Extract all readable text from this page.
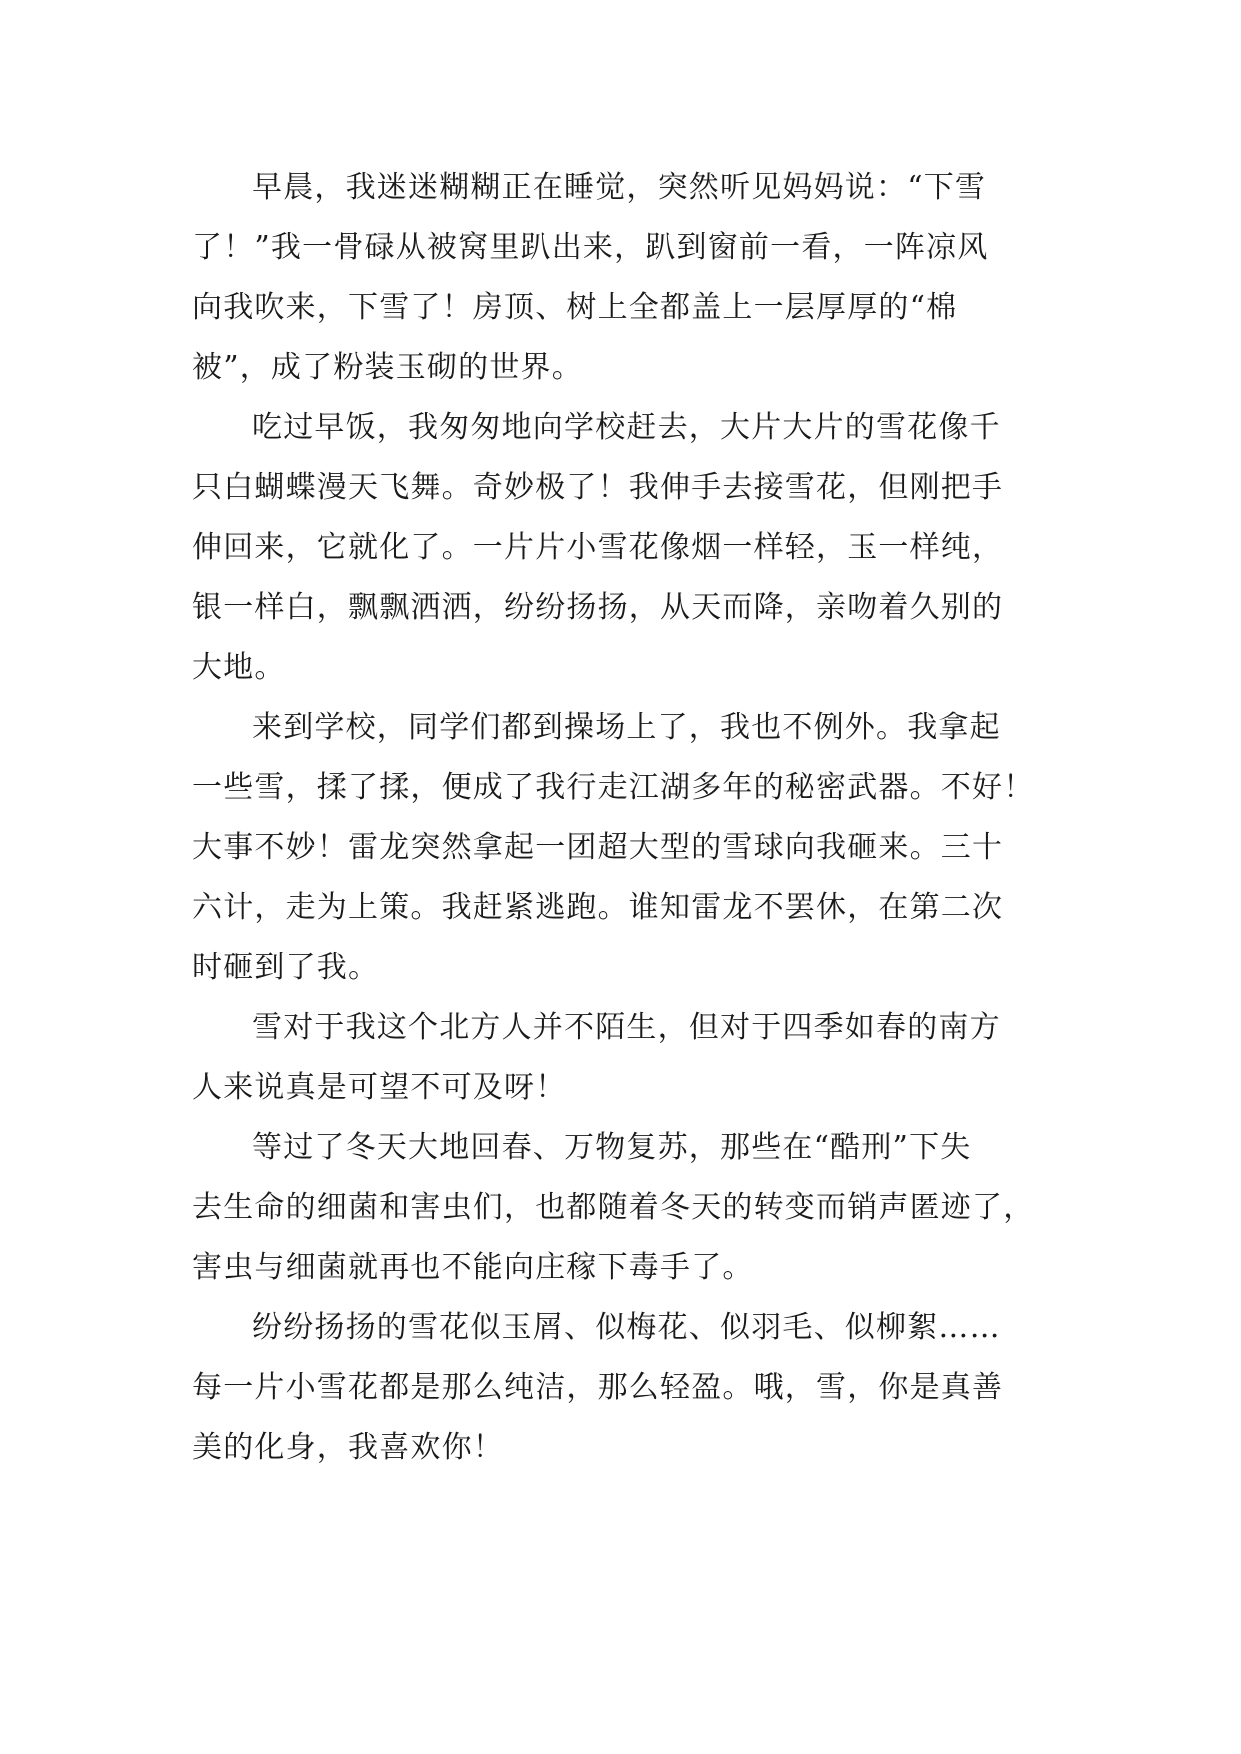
早晨，我迷迷糊糊正在睡觉，突然听见妈妈说：“下雪
了！”我一骨碌从被窝里趴出来，趴到窗前一看，一阵凉风
向我吹来，下雪了！房顶、树上全都盖上一层厚厚的“棉
被”，成了粉装玉砌的世界。
吃过早饭，我匆匆地向学校赶去，大片大片的雪花像千
只白蝴蝶漫天飞舞。奇妙极了！我伸手去接雪花，但刚把手
伸回来，它就化了。一片片小雪花像烟一样轻，玉一样纯，
银一样白，飘飘洒洒，纷纷扬扬，从天而降，亲吻着久别的
大地。
来到学校，同学们都到操场上了，我也不例外。我拿起
一些雪，揉了揉，便成了我行走江湖多年的秘密武器。不好！
大事不妙！雷龙突然拿起一团超大型的雪球向我砸来。三十
六计，走为上策。我赶紧逃跑。谁知雷龙不罢休，在第二次
时砸到了我。
雪对于我这个北方人并不陌生，但对于四季如春的南方
人来说真是可望不可及呀！
等过了冬天大地回春、万物复苏，那些在“酷刑”下失
去生命的细菌和害虫们，也都随着冬天的转变而销声匿迹了，
害虫与细菌就再也不能向庄稼下毒手了。
纷纷扬扬的雪花似玉屑、似梅花、似羽毛、似柳絮……
每一片小雪花都是那么纯洁，那么轻盈。哦，雪，你是真善
美的化身，我喜欢你！
